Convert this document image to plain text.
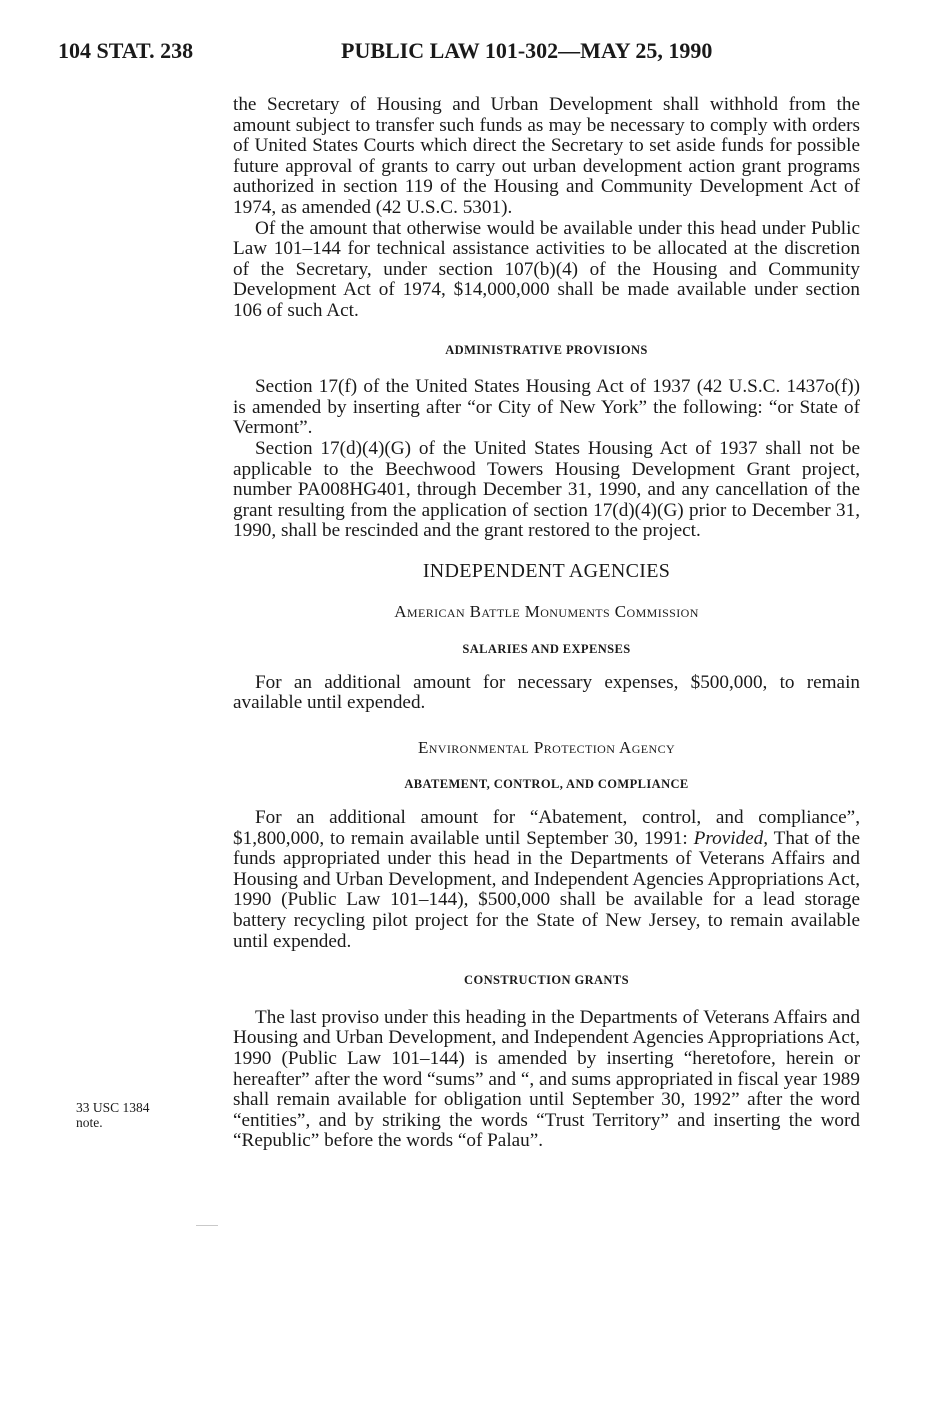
104 STAT. 238	PUBLIC LAW 101-302—MAY 25, 1990

the Secretary of Housing and Urban Development shall withhold from the amount subject to transfer such funds as may be necessary to comply with orders of United States Courts which direct the Secretary to set aside funds for possible future approval of grants to carry out urban development action grant programs authorized in section 119 of the Housing and Community Development Act of 1974, as amended (42 U.S.C. 5301).

Of the amount that otherwise would be available under this head under Public Law 101–144 for technical assistance activities to be allocated at the discretion of the Secretary, under section 107(b)(4) of the Housing and Community Development Act of 1974, $14,000,000 shall be made available under section 106 of such Act.

ADMINISTRATIVE PROVISIONS

Section 17(f) of the United States Housing Act of 1937 (42 U.S.C. 1437o(f)) is amended by inserting after “or City of New York” the following: “or State of Vermont”.

Section 17(d)(4)(G) of the United States Housing Act of 1937 shall not be applicable to the Beechwood Towers Housing Development Grant project, number PA008HG401, through December 31, 1990, and any cancellation of the grant resulting from the application of section 17(d)(4)(G) prior to December 31, 1990, shall be rescinded and the grant restored to the project.

INDEPENDENT AGENCIES
American Battle Monuments Commission
SALARIES AND EXPENSES

For an additional amount for necessary expenses, $500,000, to remain available until expended.

Environmental Protection Agency
ABATEMENT, CONTROL, AND COMPLIANCE

For an additional amount for “Abatement, control, and compliance”, $1,800,000, to remain available until September 30, 1991: Provided, That of the funds appropriated under this head in the Departments of Veterans Affairs and Housing and Urban Development, and Independent Agencies Appropriations Act, 1990 (Public Law 101–144), $500,000 shall be available for a lead storage battery recycling pilot project for the State of New Jersey, to remain available until expended.

CONSTRUCTION GRANTS

The last proviso under this heading in the Departments of Veterans Affairs and Housing and Urban Development, and Independent Agencies Appropriations Act, 1990 (Public Law 101–144) is amended by inserting “heretofore, herein or hereafter” after the word “sums” and “, and sums appropriated in fiscal year 1989 shall remain available for obligation until September 30, 1992” after the word “entities”, and by striking the words “Trust Territory” and inserting the word “Republic” before the words “of Palau”.

33 USC 1384
note.
